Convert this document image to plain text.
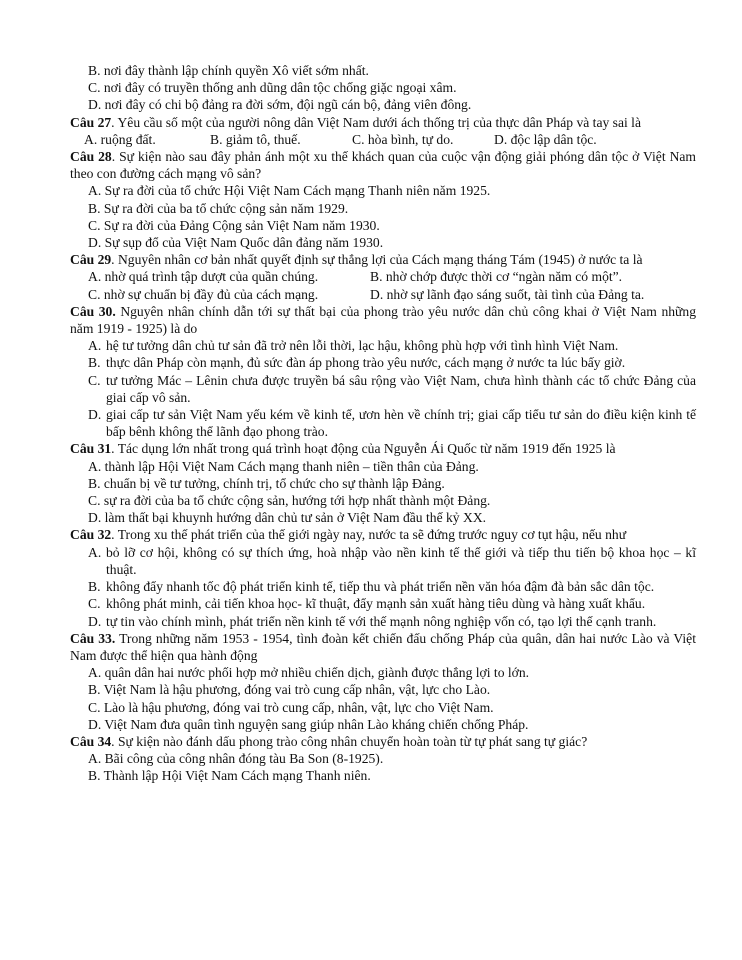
B. nơi đây thành lập chính quyền Xô viết sớm nhất.
C. nơi đây có truyền thống anh dũng dân tộc chống giặc ngoại xâm.
D. nơi đây có chi bộ đảng ra đời sớm, đội ngũ cán bộ, đảng viên đông.
Câu 27. Yêu cầu số một của người nông dân Việt Nam dưới ách thống trị của thực dân Pháp và tay sai là
A. ruộng đất.	B. giảm tô, thuế.	C. hòa bình, tự do.	D. độc lập dân tộc.
Câu 28. Sự kiện nào sau đây phản ánh một xu thế khách quan của cuộc vận động giải phóng dân tộc ở Việt Nam theo con đường cách mạng vô sản?
A. Sự ra đời của tổ chức Hội Việt Nam Cách mạng Thanh niên năm 1925.
B. Sự ra đời của ba tổ chức cộng sản năm 1929.
C. Sự ra đời của Đảng Cộng sản Việt Nam năm 1930.
D. Sự sụp đổ của Việt Nam Quốc dân đảng năm 1930.
Câu 29. Nguyên nhân cơ bản nhất quyết định sự thắng lợi của Cách mạng tháng Tám (1945) ở nước ta là
A. nhờ quá trình tập dượt của quần chúng.	B. nhờ chớp được thời cơ “ngàn năm có một”.
C. nhờ sự chuẩn bị đầy đủ của cách mạng.	D. nhờ sự lãnh đạo sáng suốt, tài tình của Đảng ta.
Câu 30. Nguyên nhân chính dẫn tới sự thất bại của phong trào yêu nước dân chủ công khai ở Việt Nam những năm 1919 - 1925) là do
A. hệ tư tưởng dân chủ tư sản đã trở nên lỗi thời, lạc hậu, không phù hợp với tình hình Việt Nam.
B. thực dân Pháp còn mạnh, đủ sức đàn áp phong trào yêu nước, cách mạng ở nước ta lúc bấy giờ.
C. tư tưởng Mác – Lênin chưa được truyền bá sâu rộng vào Việt Nam, chưa hình thành các tổ chức Đảng của giai cấp vô sản.
D. giai cấp tư sản Việt Nam yếu kém về kinh tế, ươn hèn về chính trị; giai cấp tiểu tư sản do điều kiện kinh tế bấp bênh không thể lãnh đạo phong trào.
Câu 31. Tác dụng lớn nhất trong quá trình hoạt động của Nguyễn Ái Quốc từ năm 1919 đến 1925 là
A. thành lập Hội Việt Nam Cách mạng thanh niên – tiền thân của Đảng.
B. chuẩn bị về tư tưởng, chính trị, tổ chức cho sự thành lập Đảng.
C. sự ra đời của ba tổ chức cộng sản, hướng tới hợp nhất thành một Đảng.
D. làm thất bại khuynh hướng dân chủ tư sản ở Việt Nam đầu thế kỷ XX.
Câu 32. Trong xu thế phát triển của thế giới ngày nay, nước ta sẽ đứng trước nguy cơ tụt hậu, nếu như
A. bỏ lỡ cơ hội, không có sự thích ứng, hoà nhập vào nền kinh tế thế giới và tiếp thu tiến bộ khoa học – kĩ thuật.
B. không đẩy nhanh tốc độ phát triển kinh tế, tiếp thu và phát triển nền văn hóa đậm đà bản sắc dân tộc.
C. không phát minh, cải tiến khoa học- kĩ thuật, đẩy mạnh sản xuất hàng tiêu dùng và hàng xuất khẩu.
D. tự tin vào chính mình, phát triển nền kinh tế với thế mạnh nông nghiệp vốn có, tạo lợi thế cạnh tranh.
Câu 33. Trong những năm 1953 - 1954, tình đoàn kết chiến đấu chống Pháp của quân, dân hai nước Lào và Việt Nam được thể hiện qua hành động
A. quân dân hai nước phối hợp mở nhiều chiến dịch, giành được thắng lợi to lớn.
B. Việt Nam là hậu phương, đóng vai trò cung cấp nhân, vật, lực cho Lào.
C. Lào là hậu phương, đóng vai trò cung cấp, nhân, vật, lực cho Việt Nam.
D. Việt Nam đưa quân tình nguyện sang giúp nhân Lào kháng chiến chống Pháp.
Câu 34. Sự kiện nào đánh dấu phong trào công nhân chuyển hoàn toàn từ tự phát sang tự giác?
A. Bãi công của công nhân đóng tàu Ba Son (8-1925).
B. Thành lập Hội Việt Nam Cách mạng Thanh niên.
